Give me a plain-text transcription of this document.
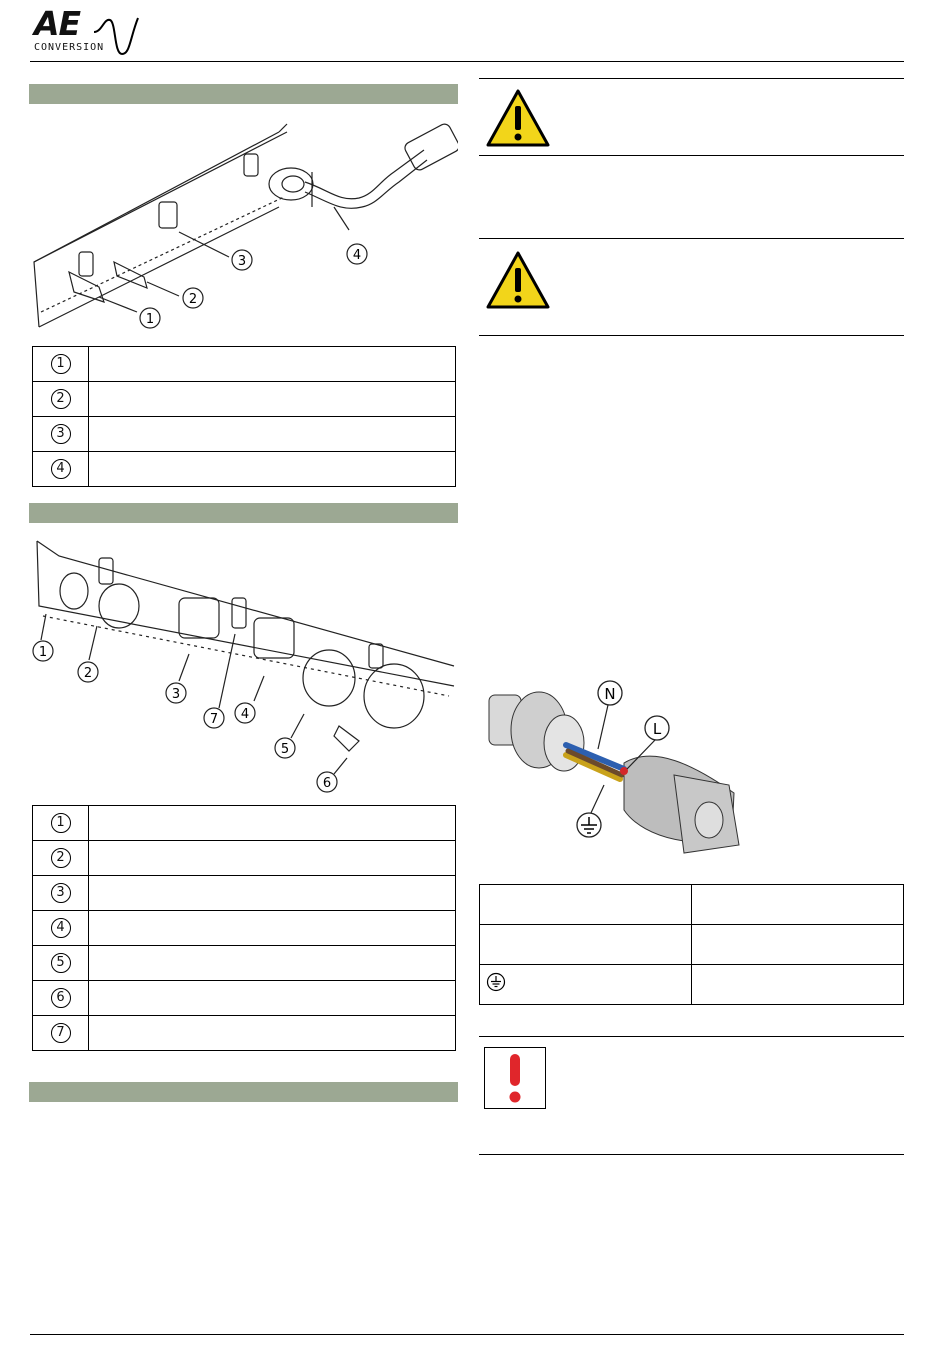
AE
CONVERSION
1
2
3	4
1	
2	
3	
4	
1
2
3
4
5
6
7
1	
2	
3	
4	
5	
6	
7	
N
L
